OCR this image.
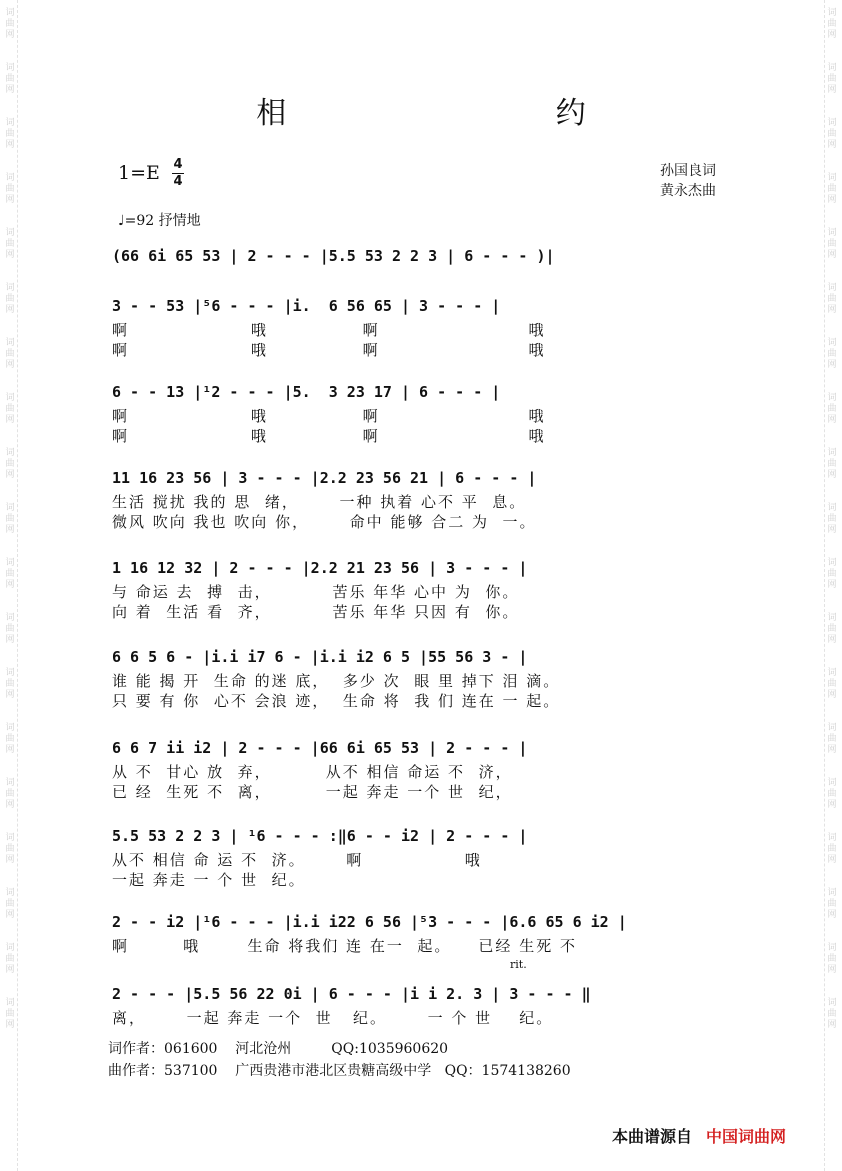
词
曲
网
词
曲
网
词
曲
网
词
曲
网
词
曲
网
词
曲
网
词
曲
网
词
曲
网
词
曲
网
词
曲
网
词
曲
网
词
曲
网
词
曲
网
词
曲
网
词
曲
网
词
曲
网
词
曲
网
词
曲
网
词
曲
网
词
曲
网
词
曲
网
词
曲
网
词
曲
网
词
曲
网
词
曲
网
词
曲
网
词
曲
网
词
曲
网
词
曲
网
词
曲
网
词
曲
网
词
曲
网
词
曲
网
词
曲
网
词
曲
网
词
曲
网
词
曲
网
词
曲
网
相 约
1=E 4
4
孙国良词
黄永杰曲
♩=92 抒情地
(66 6i 65 53 | 2 - - - |5.5 53 2 2 3 | 6 - - - )|
3 - - 53 |⁵6 - - - |i.  6 56 65 | 3 - - - |
啊                  哦              啊                      哦
啊                  哦              啊                      哦
6 - - 13 |¹2 - - - |5.  3 23 17 | 6 - - - |
啊                  哦              啊                      哦
啊                  哦              啊                      哦
11 16 23 56 | 3 - - - |2.2 23 56 21 | 6 - - - |
生活 搅扰 我的 思  绪，      一种 执着 心不 平  息。
微风 吹向 我也 吹向 你，      命中 能够 合二 为  一。
1 16 12 32 | 2 - - - |2.2 21 23 56 | 3 - - - |
与 命运 去  搏  击，         苦乐 年华 心中 为  你。
向 着  生活 看  齐，         苦乐 年华 只因 有  你。
6 6 5 6 - |i.i i7 6 - |i.i i2 6 5 |55 56 3 - |
谁 能 揭 开  生命 的迷 底，  多少 次  眼 里 掉下 泪 滴。
只 要 有 你  心不 会浪 迹，  生命 将  我 们 连在 一 起。
6 6 7 ii i2 | 2 - - - |66 6i 65 53 | 2 - - - |
从 不  甘心 放  弃，        从不 相信 命运 不  济，
已 经  生死 不  离，        一起 奔走 一个 世  纪，
5.5 53 2 2 3 | ¹6 - - - :‖6 - - i2 | 2 - - - |
从不 相信 命 运 不  济。      啊               哦
一起 奔走 一 个 世  纪。
2 - - i2 |¹6 - - - |i.i i22 6 56 |⁵3 - - - |6.6 65 6 i2 |
啊        哦       生命 将我们 连 在一  起。    已经 生死 不
rit.
2 - - - |5.5 56 22 0i | 6 - - - |i i 2. 3 | 3 - - - ‖
离，      一起 奔走 一个  世   纪。      一 个 世    纪。
词作者：061600    河北沧州         QQ:1035960620
曲作者：537100    广西贵港市港北区贵糖高级中学   QQ：1574138260
本曲谱源自 中国词曲网
